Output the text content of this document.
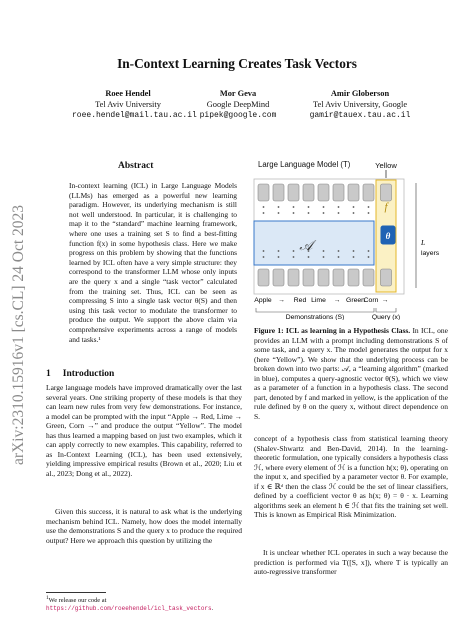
arXiv:2310.15916v1 [cs.CL] 24 Oct 2023
In-Context Learning Creates Task Vectors
Roee Hendel
Tel Aviv University
roee.hendel@mail.tau.ac.il
Mor Geva
Google DeepMind
pipek@google.com
Amir Globerson
Tel Aviv University, Google
gamir@tauex.tau.ac.il
Abstract
In-context learning (ICL) in Large Language Models (LLMs) has emerged as a powerful new learning paradigm. However, its underlying mechanism is still not well understood. In particular, it is challenging to map it to the “standard” machine learning framework, where one uses a training set S to find a best-fitting function f(x) in some hypothesis class. Here we make progress on this problem by showing that the functions learned by ICL often have a very simple structure: they correspond to the transformer LLM whose only inputs are the query x and a single “task vector” calculated from the training set. Thus, ICL can be seen as compressing S into a single task vector θ(S) and then using this task vector to modulate the transformer to produce the output. We support the above claim via comprehensive experiments across a range of models and tasks.¹
1 Introduction
Large language models have improved dramatically over the last several years. One striking property of these models is that they can learn new rules from very few demonstrations. For instance, a model can be prompted with the input “Apple → Red, Lime → Green, Corn →” and produce the output “Yellow”. The model has thus learned a mapping based on just two examples, which it can apply correctly to new examples. This capability, referred to as In-Context Learning (ICL), has been used extensively, yielding impressive empirical results (Brown et al., 2020; Liu et al., 2023; Dong et al., 2022).
Given this success, it is natural to ask what is the underlying mechanism behind ICL. Namely, how does the model internally use the demonstrations S and the query x to produce the required output? Here we approach this question by utilizing the
θ
𝒜
f
Large Language Model (T)	Yellow
L
layers
Apple → Red Lime → Green
Corn →
Demonstrations (S)	Query (x)
Figure 1: ICL as learning in a Hypothesis Class. In ICL, one provides an LLM with a prompt including demonstrations S of some task, and a query x. The model generates the output for x (here “Yellow”). We show that the underlying process can be broken down into two parts: 𝒜, a “learning algorithm” (marked in blue), computes a query-agnostic vector θ(S), which we view as a parameter of a function in a hypothesis class. The second part, denoted by f and marked in yellow, is the application of the rule defined by θ on the query x, without direct dependence on S.
concept of a hypothesis class from statistical learning theory (Shalev-Shwartz and Ben-David, 2014). In the learning-theoretic formulation, one typically considers a hypothesis class ℋ, where every element of ℋ is a function h(x; θ), operating on the input x, and specified by a parameter vector θ. For example, if x ∈ ℝᵈ then the class ℋ could be the set of linear classifiers, defined by a coefficient vector θ as h(x; θ) = θ · x. Learning algorithms seek an element h ∈ ℋ that fits the training set well. This is known as Empirical Risk Minimization.
It is unclear whether ICL operates in such a way because the prediction is performed via T([S, x]), where T is typically an auto-regressive transformer
$^1$We release our code at https://github.com/roeehendel/icl_task_vectors.
